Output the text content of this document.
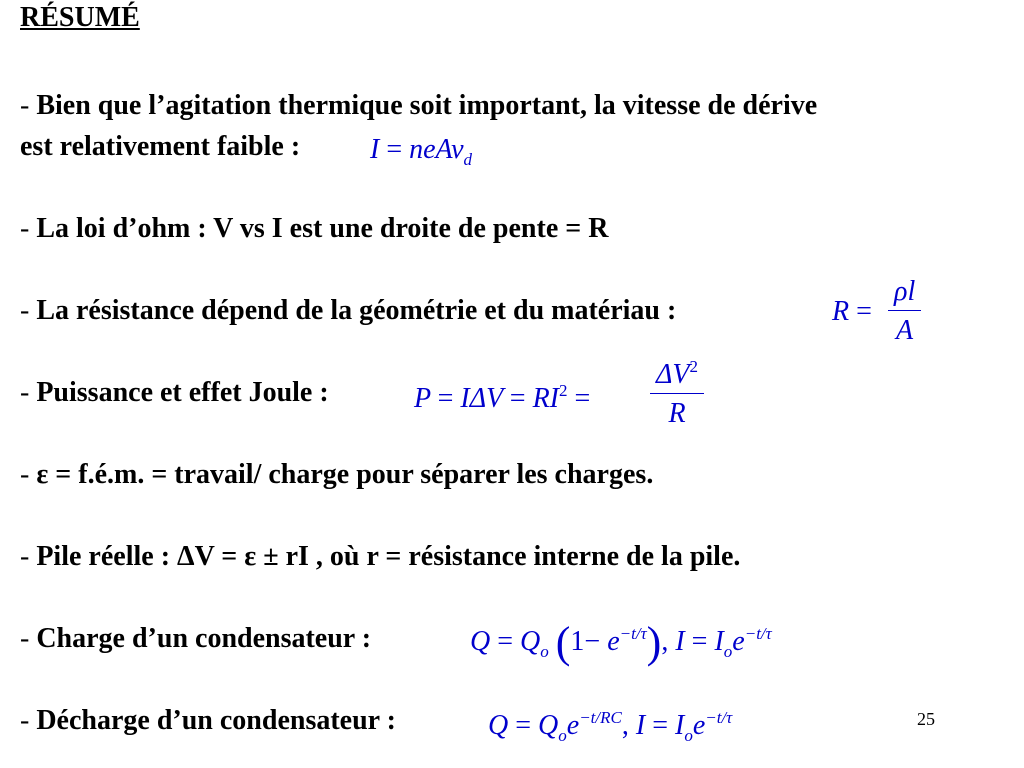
RÉSUMÉ
- Bien que l’agitation thermique soit important, la vitesse de dérive
est relativement faible : I = neAv$_d$
- La loi d’ohm : V vs I est une droite de pente = R
- La résistance dépend de la géométrie et du matériau :	$R = \frac{\rho l}{A}$
- Puissance et effet Joule :	$P = I\Delta V = RI^2 = \frac{\Delta V^2}{R}$
- ε = f.é.m. = travail/ charge pour séparer les charges.
- Pile réelle : ΔV = ε ± rI , où r = résistance interne de la pile.
- Charge d’un condensateur :	$Q = Q_o$ $(1- e^{-t/\tau})$, $I = I_oe^{-t/\tau}$
- Décharge d’un condensateur :	$Q = Q_oe^{-t/RC}$, $I = I_oe^{-t/\tau}$	25
